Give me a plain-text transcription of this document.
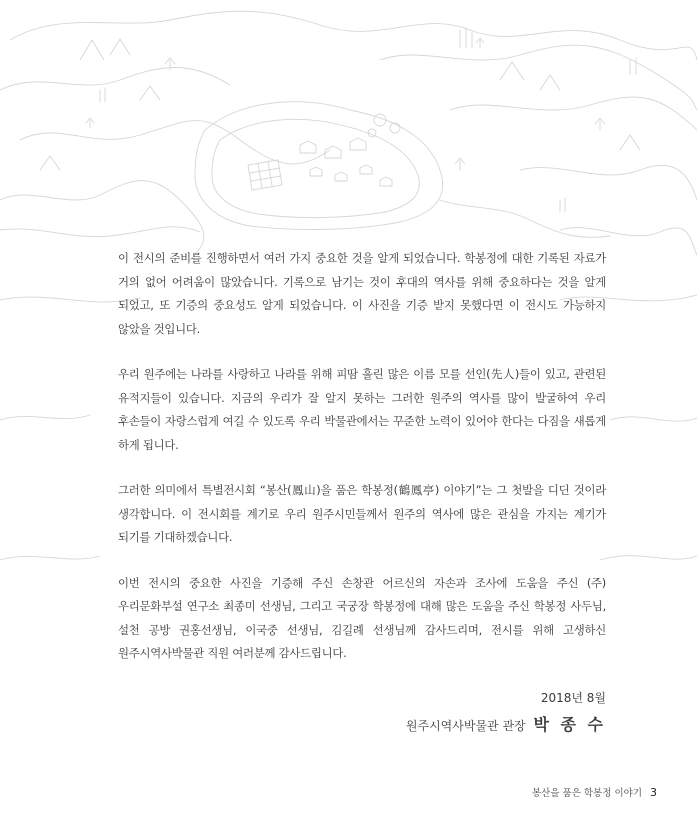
이 전시의 준비를 진행하면서 여러 가지 중요한 것을 알게 되었습니다. 학봉정에 대한 기록된 자료가 거의 없어 어려움이 많았습니다. 기록으로 남기는 것이 후대의 역사를 위해 중요하다는 것을 알게 되었고, 또 기증의 중요성도 알게 되었습니다. 이 사진을 기증 받지 못했다면 이 전시도 가능하지 않았을 것입니다.

우리 원주에는 나라를 사랑하고 나라를 위해 피땀 흘린 많은 이름 모를 선인(先人)들이 있고, 관련된 유적지들이 있습니다. 지금의 우리가 잘 알지 못하는 그러한 원주의 역사를 많이 발굴하여 우리 후손들이 자랑스럽게 여길 수 있도록 우리 박물관에서는 꾸준한 노력이 있어야 한다는 다짐을 새롭게 하게 됩니다.

그러한 의미에서 특별전시회 “봉산(鳳山)을 품은 학봉정(鶴鳳亭) 이야기”는 그 첫발을 디딘 것이라 생각합니다. 이 전시회를 계기로 우리 원주시민들께서 원주의 역사에 많은 관심을 가지는 계기가 되기를 기대하겠습니다.

이번 전시의 중요한 사진을 기증해 주신 손창관 어르신의 자손과 조사에 도움을 주신 (주)우리문화부설 연구소 최종미 선생님, 그리고 국궁장 학봉정에 대해 많은 도움을 주신 학봉정 사두님, 설천 공방 권홍선생님, 이국중 선생님, 김길례 선생님께 감사드리며, 전시를 위해 고생하신 원주시역사박물관 직원 여러분께 감사드립니다.

2018년 8월
원주시역사박물관 관장 박 종 수
봉산을 품은 학봉정 이야기 3
